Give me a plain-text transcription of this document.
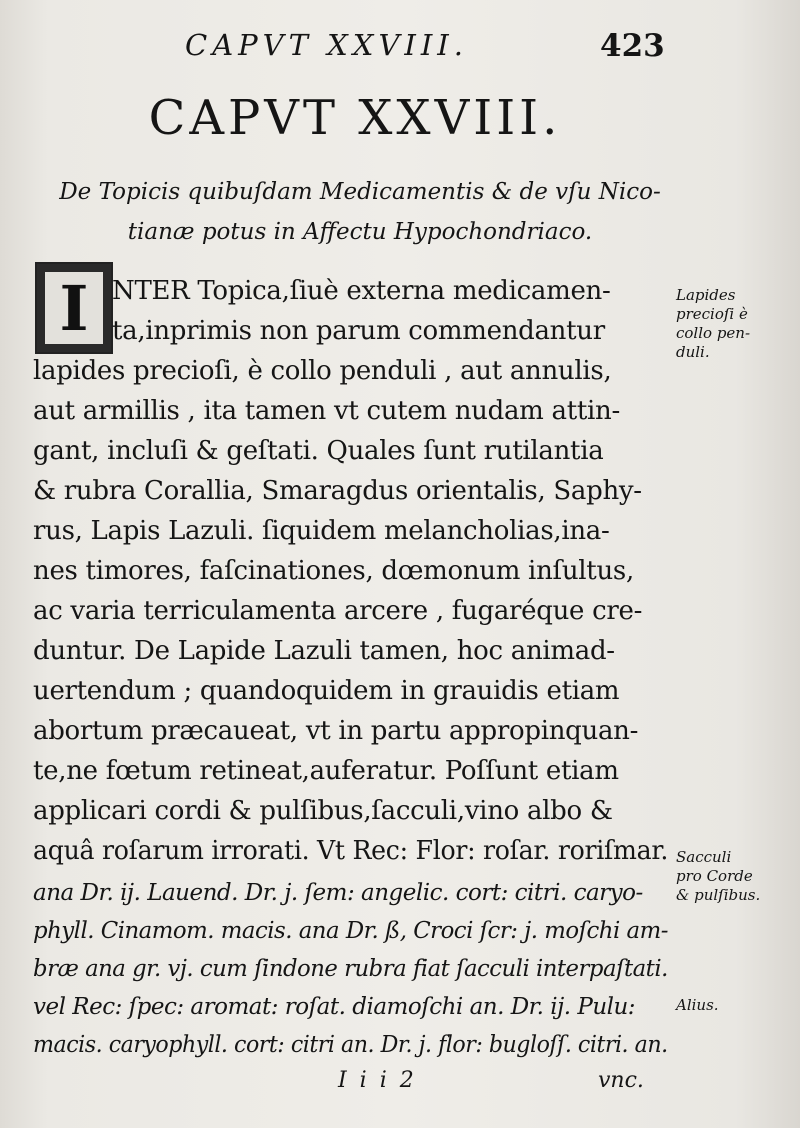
CAPVT XXVIII.	423
CAPVT XXVIII.
De Topicis quibuſdam Medicamentis & de vſu Nico-
tianæ potus in Affectu Hypochondriaco.
I NTER Topica,ſiuè externa medicamen-
ta,inprimis non parum commendantur
lapides precioſi, è collo penduli , aut annulis,
aut armillis , ita tamen vt cutem nudam attin-
gant, incluſi & geſtati. Quales ſunt rutilantia
& rubra Corallia, Smaragdus orientalis, Saphy-
rus, Lapis Lazuli. ſiquidem melancholias,ina-
nes timores, faſcinationes, dœmonum inſultus,
ac varia terriculamenta arcere , fugaréque cre-
duntur. De Lapide Lazuli tamen, hoc animad-
uertendum ; quandoquidem in grauidis etiam
abortum præcaueat, vt in partu appropinquan-
te,ne fœtum retineat,auferatur. Poſſunt etiam
applicari cordi & pulſibus,ſacculi,vino albo &
aquâ roſarum irrorati. Vt Rec: Flor: roſar. roriſmar.
ana Dr. ij. Lauend. Dr. j. ſem: angelic. cort: citri. caryo-
phyll. Cinamom. macis. ana Dr. ß, Croci ſcr: j. moſchi am-
bræ ana gr. vj. cum ſindone rubra fiat ſacculi interpaſtati.
vel Rec: ſpec: aromat: roſat. diamoſchi an. Dr. ij. Pulu:
macis. caryophyll. cort: citri an. Dr. j. flor: bugloſſ. citri. an.
Lapides
precioſi è
collo pen-
duli.
Sacculi
pro Corde
& pulſibus.
Alius.
I i i 2	vnc.
